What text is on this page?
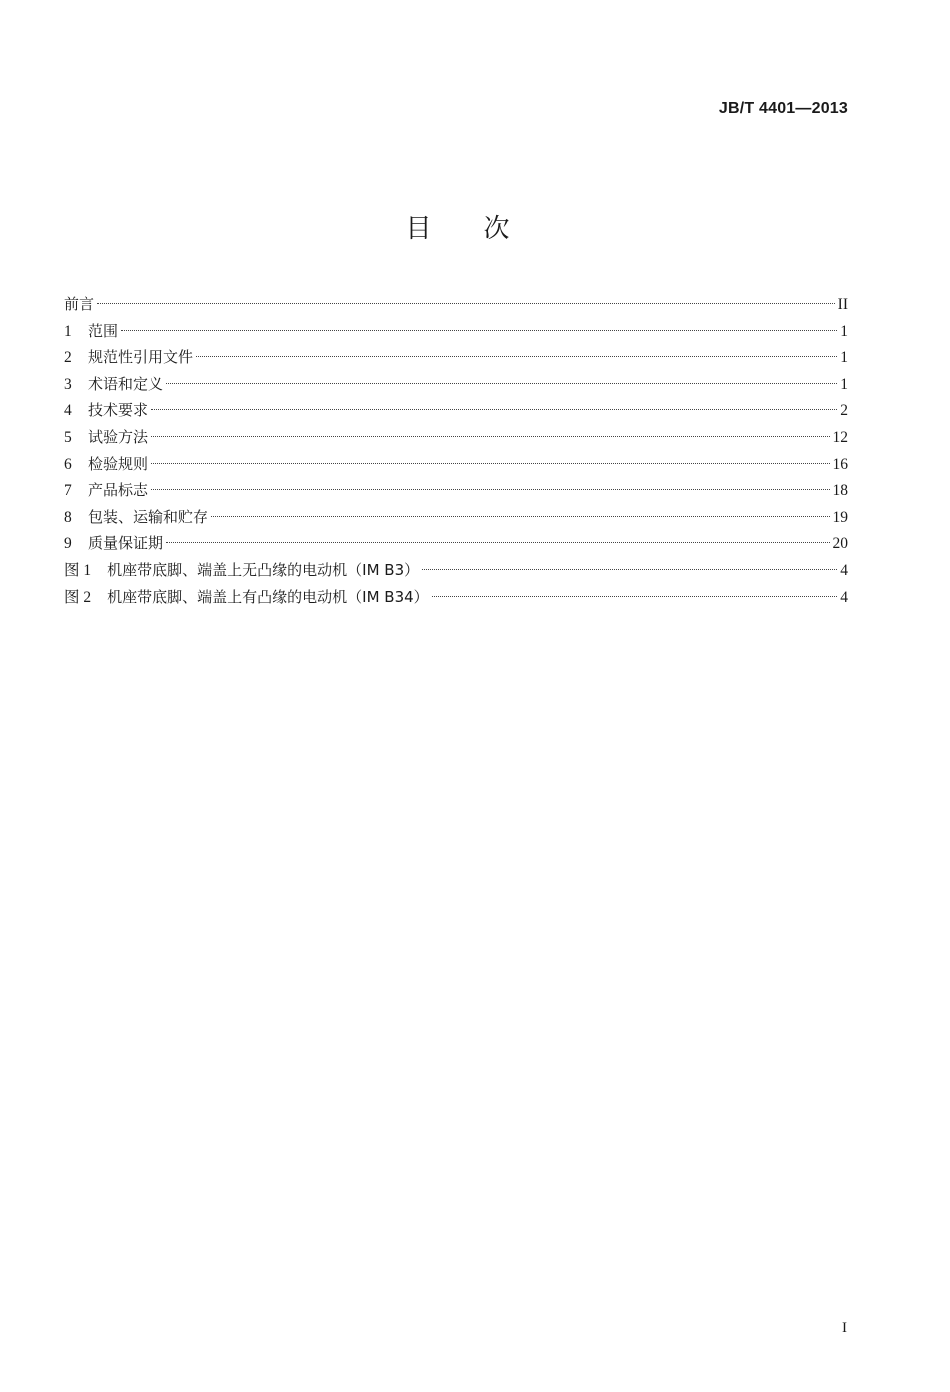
JB/T 4401—2013
目 次
前言	II
1	范围	1
2	规范性引用文件	1
3	术语和定义	1
4	技术要求	2
5	试验方法	12
6	检验规则	16
7	产品标志	18
8	包装、运输和贮存	19
9	质量保证期	20
图 1 机座带底脚、端盖上无凸缘的电动机（IM B3）	4
图 2 机座带底脚、端盖上有凸缘的电动机（IM B34）	4
I
